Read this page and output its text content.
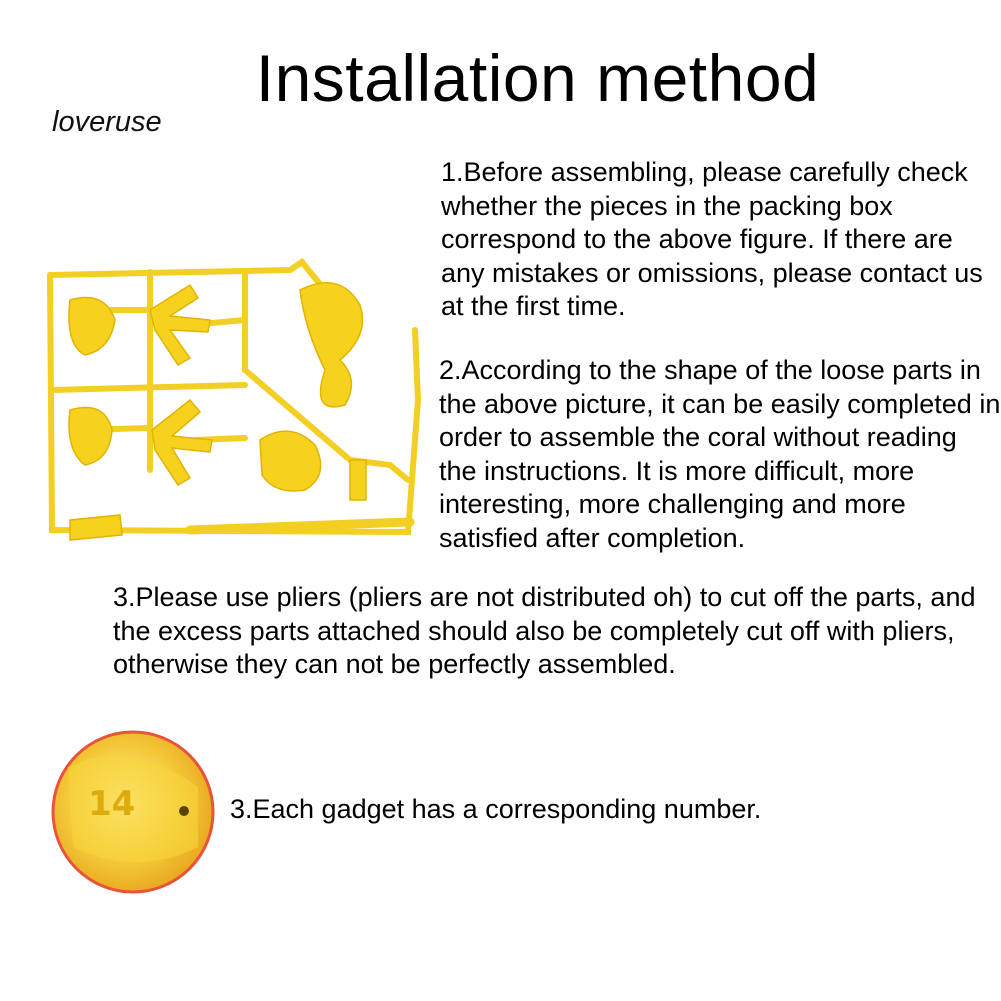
Installation method
loveruse

1.Before assembling, please carefully check whether the pieces in the packing box correspond to the above figure. If there are any mistakes or omissions, please contact us at the first time.

2.According to the shape of the loose parts in the above picture, it can be easily completed in order to assemble the coral without reading the instructions. It is more difficult, more interesting, more challenging and more satisfied after completion.

3.Please use pliers (pliers are not distributed oh) to cut off the parts, and the excess parts attached should also be completely cut off with pliers, otherwise they can not be perfectly assembled.

14	3.Each gadget has a corresponding number.
